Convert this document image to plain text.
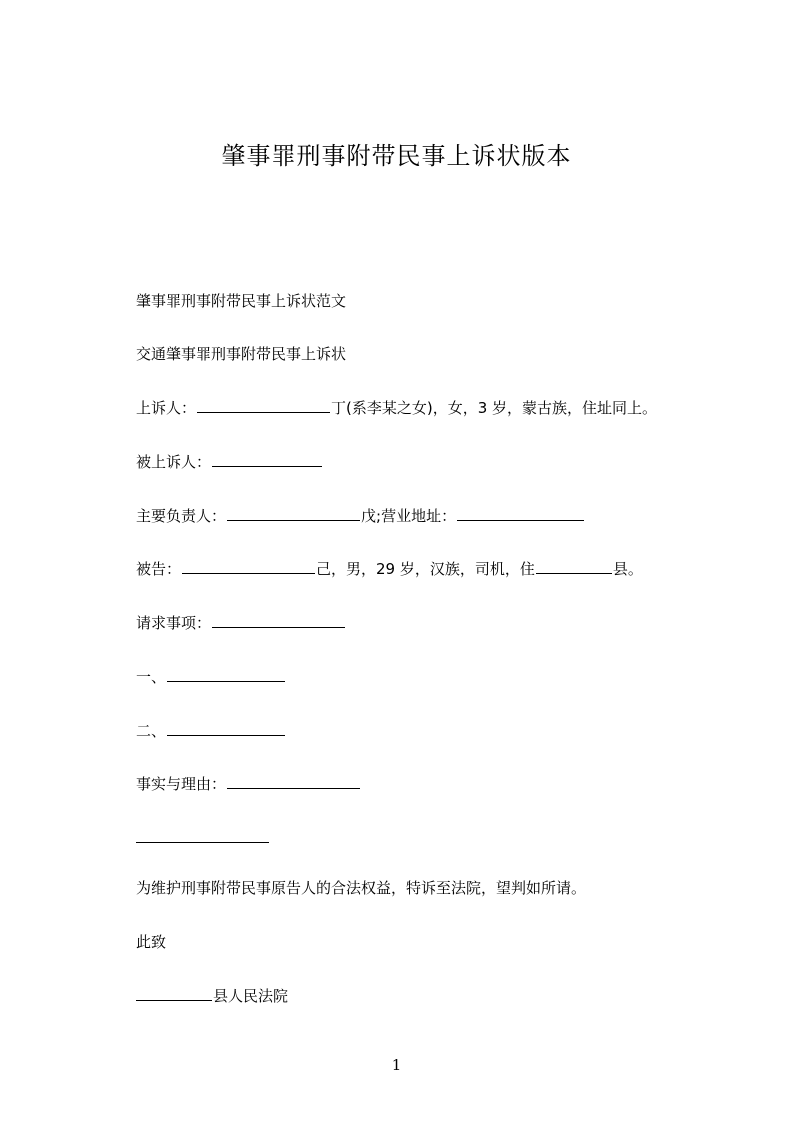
肇事罪刑事附带民事上诉状版本
肇事罪刑事附带民事上诉状范文
交通肇事罪刑事附带民事上诉状
上诉人：	丁(系李某之女)，女，3 岁，蒙古族，住址同上。
被上诉人：
主要负责人：	戊;营业地址：
被告：	己，男，29 岁，汉族，司机，住	县。
请求事项：
一、
二、
事实与理由：
为维护刑事附带民事原告人的合法权益，特诉至法院，望判如所请。
此致
县人民法院
1
